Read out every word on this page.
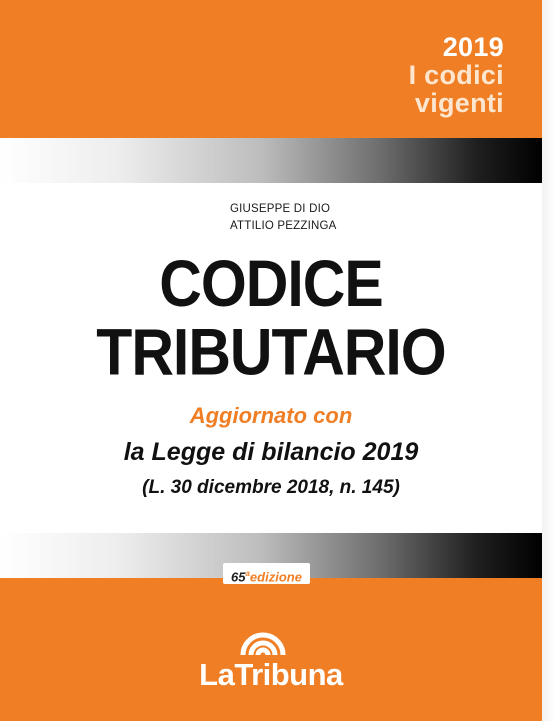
2019
I codici
vigenti
GIUSEPPE DI DIO
ATTILIO PEZZINGA
CODICE
TRIBUTARIO
Aggiornato con
la Legge di bilancio 2019
(L. 30 dicembre 2018, n. 145)
65$^a$edizione
LaTribuna
